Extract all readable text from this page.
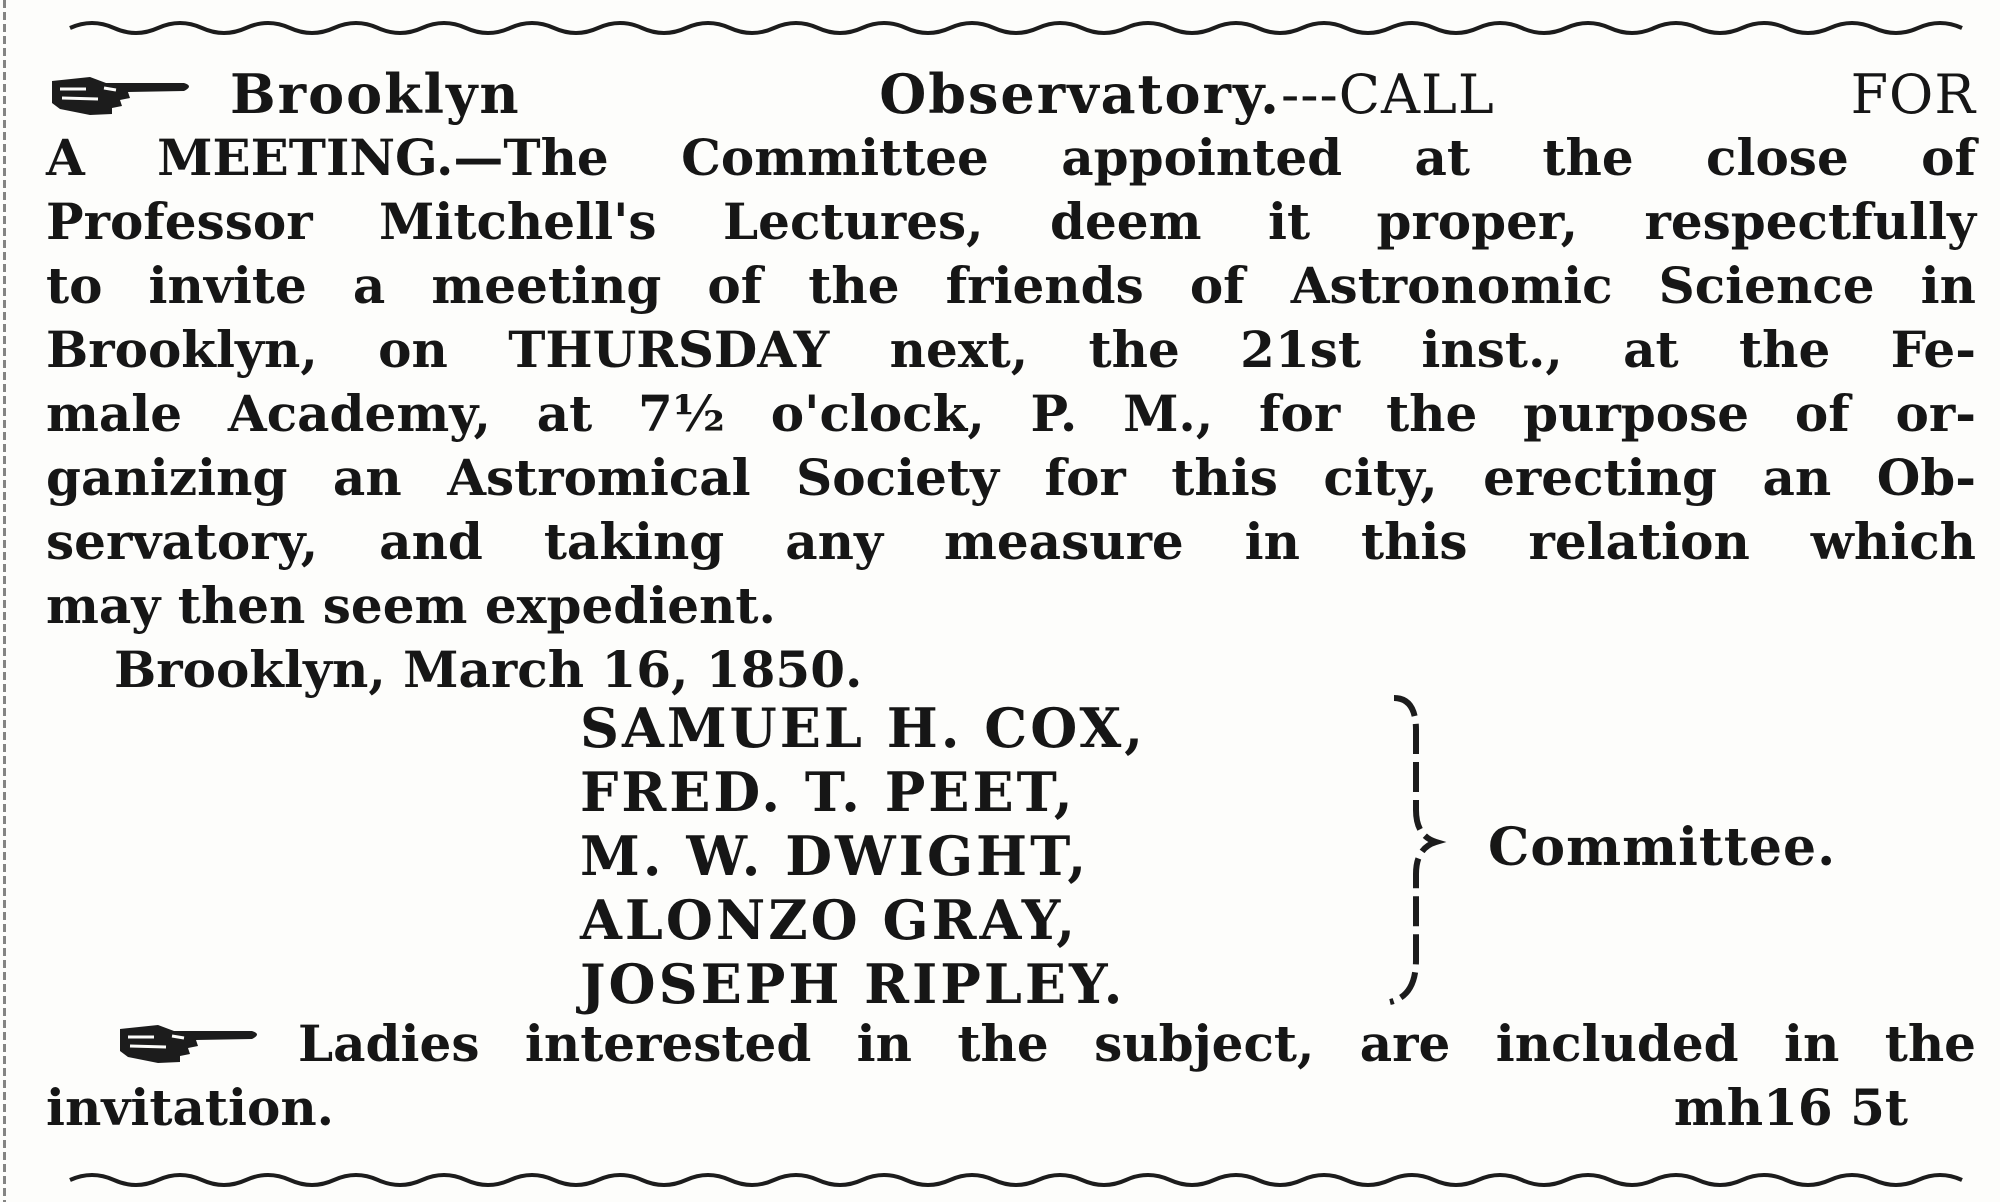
Brooklyn Observatory.---CALL FOR
A MEETING.—The Committee appointed at the close of
Professor Mitchell's Lectures, deem it proper, respectfully
to invite a meeting of the friends of Astronomic Science in
Brooklyn, on THURSDAY next, the 21st inst., at the Fe-
male Academy, at 7½ o'clock, P. M., for the purpose of or-
ganizing an Astromical Society for this city, erecting an Ob-
servatory, and taking any measure in this relation which
may then seem expedient.
Brooklyn, March 16, 1850.
SAMUEL H. COX,
FRED. T. PEET,
M. W. DWIGHT,
ALONZO GRAY,
JOSEPH RIPLEY.
Committee.
Ladies interested in the subject, are included in the
invitation.	mh16 5t
